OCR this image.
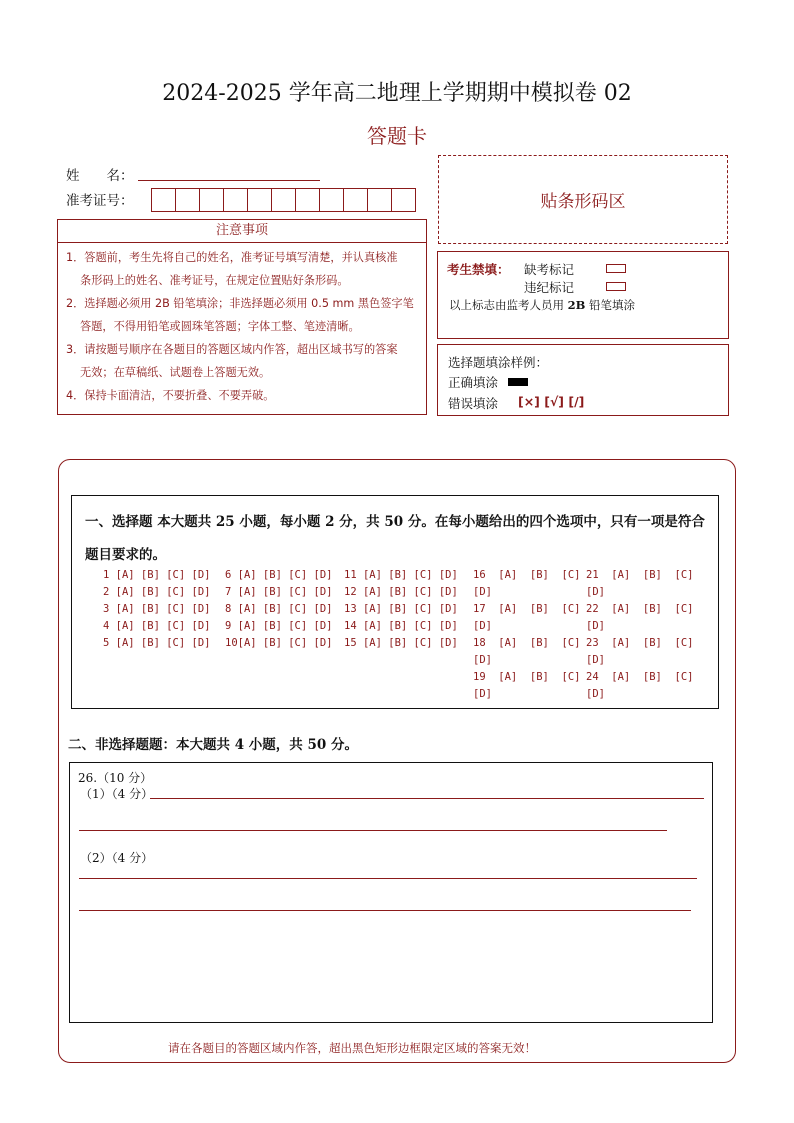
2024-2025 学年高二地理上学期期中模拟卷 02
答题卡
姓　　名：
准考证号：	贴条形码区
注意事项
1．答题前，考生先将自己的姓名，准考证号填写清楚，并认真核准
条形码上的姓名、准考证号，在规定位置贴好条形码。
2．选择题必须用 2B 铅笔填涂；非选择题必须用 0.5 mm 黑色签字笔
答题，不得用铅笔或圆珠笔答题；字体工整、笔迹清晰。
3．请按题号顺序在各题目的答题区域内作答，超出区域书写的答案
无效；在草稿纸、试题卷上答题无效。
4．保持卡面清洁，不要折叠、不要弄破。
考生禁填： 缺考标记
违纪标记
以上标志由监考人员用 2B 铅笔填涂
选择题填涂样例：
正确填涂
错误填涂 [×] [√] [/]
一、选择题 本大题共 25 小题，每小题 2 分，共 50 分。在每小题给出的四个选项中，只有一项是符合
题目要求的。
1 [A] [B] [C] [D]
2 [A] [B] [C] [D]
3 [A] [B] [C] [D]
4 [A] [B] [C] [D]
5 [A] [B] [C] [D]
6 [A] [B] [C] [D]
7 [A] [B] [C] [D]
8 [A] [B] [C] [D]
9 [A] [B] [C] [D]
10[A] [B] [C] [D]
11 [A] [B] [C] [D]
12 [A] [B] [C] [D]
13 [A] [B] [C] [D]
14 [A] [B] [C] [D]
15 [A] [B] [C] [D]
16  [A]  [B]  [C]
[D]
17  [A]  [B]  [C]
[D]
18  [A]  [B]  [C]
[D]
19  [A]  [B]  [C]
[D]
21  [A]  [B]  [C]
[D]
22  [A]  [B]  [C]
[D]
23  [A]  [B]  [C]
[D]
24  [A]  [B]  [C]
[D]
二、非选择题题：本大题共 4 小题，共 50 分。
26.（10 分）
（1）（4 分）
（2）（4 分）
请在各题目的答题区域内作答，超出黑色矩形边框限定区域的答案无效！
